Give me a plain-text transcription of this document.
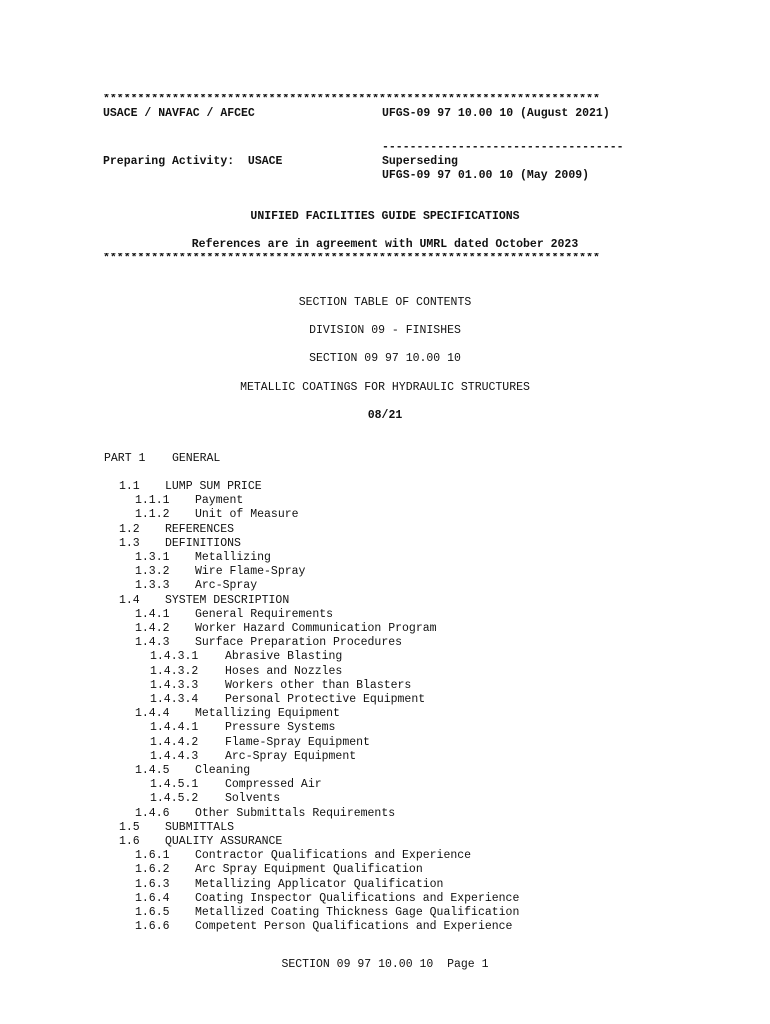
************************************************************************
USACE / NAVFAC / AFCEC	UFGS-09 97 10.00 10 (August 2021)
-----------------------------------
Preparing Activity:  USACE	Superseding
UFGS-09 97 01.00 10 (May 2009)
UNIFIED FACILITIES GUIDE SPECIFICATIONS
References are in agreement with UMRL dated October 2023
************************************************************************
SECTION TABLE OF CONTENTS
DIVISION 09 - FINISHES
SECTION 09 97 10.00 10
METALLIC COATINGS FOR HYDRAULIC STRUCTURES
08/21
PART 1 GENERAL
1.1 LUMP SUM PRICE
1.1.1 Payment
1.1.2 Unit of Measure
1.2 REFERENCES
1.3 DEFINITIONS
1.3.1 Metallizing
1.3.2 Wire Flame-Spray
1.3.3 Arc-Spray
1.4 SYSTEM DESCRIPTION
1.4.1 General Requirements
1.4.2 Worker Hazard Communication Program
1.4.3 Surface Preparation Procedures
1.4.3.1 Abrasive Blasting
1.4.3.2 Hoses and Nozzles
1.4.3.3 Workers other than Blasters
1.4.3.4 Personal Protective Equipment
1.4.4 Metallizing Equipment
1.4.4.1 Pressure Systems
1.4.4.2 Flame-Spray Equipment
1.4.4.3 Arc-Spray Equipment
1.4.5 Cleaning
1.4.5.1 Compressed Air
1.4.5.2 Solvents
1.4.6 Other Submittals Requirements
1.5 SUBMITTALS
1.6 QUALITY ASSURANCE
1.6.1 Contractor Qualifications and Experience
1.6.2 Arc Spray Equipment Qualification
1.6.3 Metallizing Applicator Qualification
1.6.4 Coating Inspector Qualifications and Experience
1.6.5 Metallized Coating Thickness Gage Qualification
1.6.6 Competent Person Qualifications and Experience
SECTION 09 97 10.00 10  Page 1
